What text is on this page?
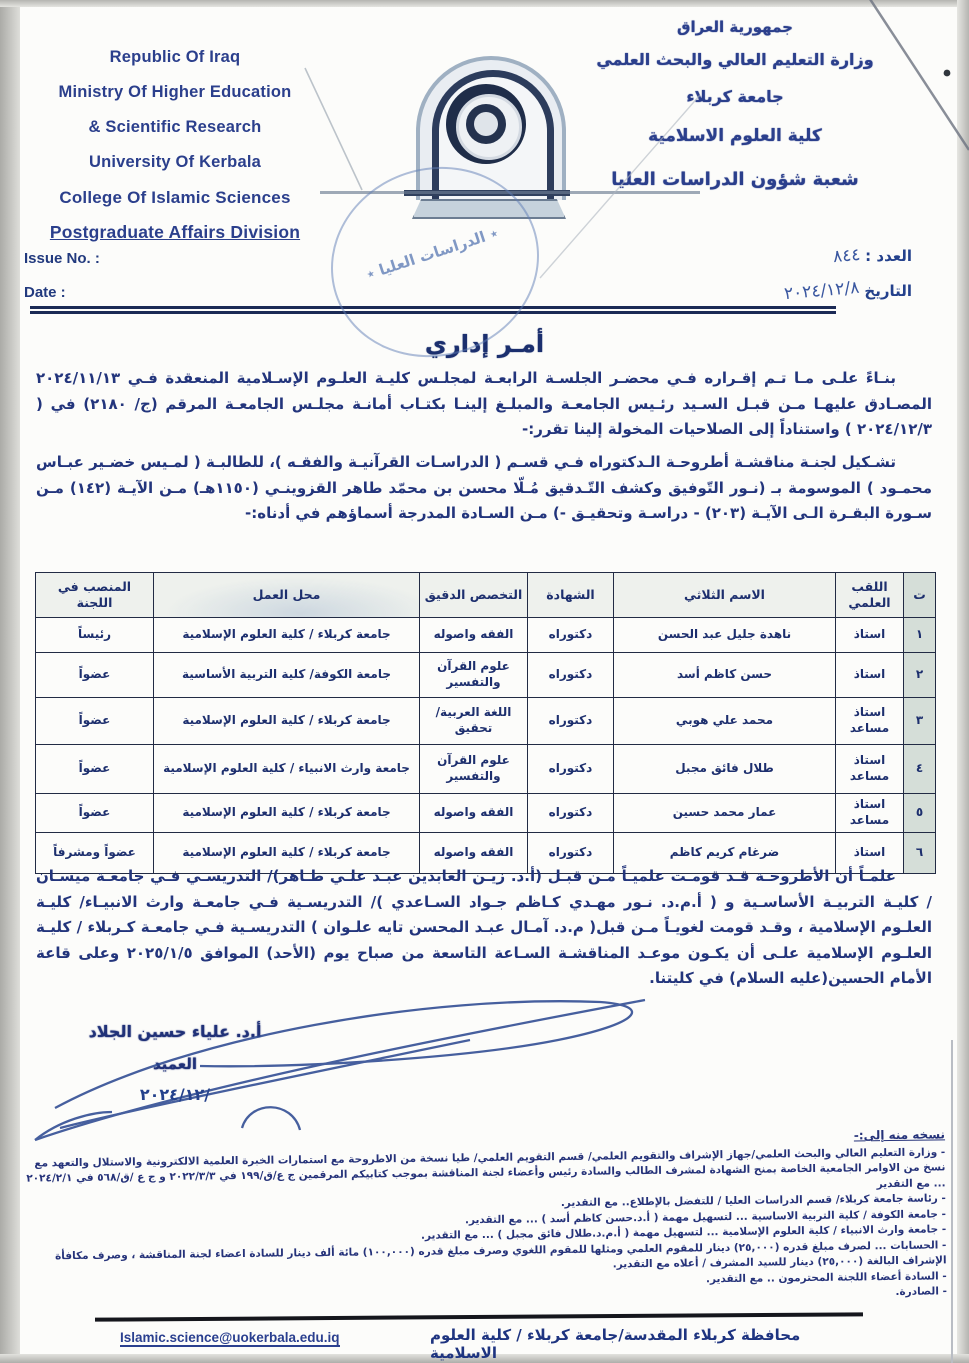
Republic Of Iraq
Ministry Of Higher Education
& Scientific Research
University Of Kerbala
College Of Islamic Sciences
Postgraduate Affairs Division
Issue No. :
Date :
٭ الدراسات العليا ٭
جمهورية العراق
وزارة التعليم العالي والبحث العلمي
جامعة كربلاء
كلية العلوم الاسلامية
شعبة شؤون الدراسات العليا
العدد : ٨٤٤
التاريخ ٢٠٢٤/١٢/٨
أمـر إداري
بنـاءً علـى مـا تـم إقـراره فـي محضـر الجلسـة الرابعـة لمجلـس كليـة العلـوم الإسـلامية المنعقدة فـي ٢٠٢٤/١١/١٣ المصـادق عليهـا مـن قبـل السـيد رئـيس الجامعـة والمبلـغ إلينـا بكتـاب أمانـة مجلـس الجامعـة المرقم (ج/ ٢١٨٠) في ( ٢٠٢٤/١٢/٣ ) واستناداً إلى الصلاحيات المخولة إلينا تقرر:-
تشـكيل لجنـة مناقشـة أطروحـة الـدكتوراه فـي قسـم ( الدراسـات القرآنيـة والفقـه )، للطالبـة ( لمـيس خضـير عبـاس محمـود ) الموسومة بـ (نـور التّوفيق وكشف التّـدقيق مُـلّا محسن بن محمّد طاهر القزوينـي (١١٥٠هـ) مـن الآيـة (١٤٢) مـن سـورة البقـرة الـى الآيـة (٢٠٣) - دراسـة وتحقيـق -) مـن السـادة المدرجة أسماؤهم في أدناه:-
ت	اللقب العلمي	الاسم الثلاثي	الشهادة	التخصص الدقيق	محل العمل	المنصب في اللجنة
١	استاذ	ناهدة جليل عبد الحسن	دكتوراه	الفقه واصوله	جامعة كربلاء / كلية العلوم الإسلامية	رئيساً
٢	استاذ	حسن كاظم أسد	دكتوراه	علوم القرآن والتفسير	جامعة الكوفة/ كلية التربية الأساسية	عضواً
٣	استاذ مساعد	محمد علي هوبي	دكتوراه	اللغة العربية/ تحقيق	جامعة كربلاء / كلية العلوم الإسلامية	عضواً
٤	استاذ مساعد	طلال فائق مجبل	دكتوراه	علوم القرآن والتفسير	جامعة وارث الانبياء / كلية العلوم الإسلامية	عضواً
٥	استاذ مساعد	عمار محمد حسين	دكتوراه	الفقه واصوله	جامعة كربلاء / كلية العلوم الإسلامية	عضواً
٦	استاذ	ضرغام كريم كاظم	دكتوراه	الفقه واصوله	جامعة كربلاء / كلية العلوم الإسلامية	عضواً ومشرفاً
علمـاً أن الأطروحـة قـد قومـت علميـاً مـن قبـل (أ.د. زيـن العابدين عبـد علـي طـاهر)/ التدريسـي فـي جامعـة ميسـان / كليـة التربيـة الأساسـية و ( أ.م.د. نـور مهـدي كـاظم جـواد السـاعدي )/ التدريسـية فـي جامعـة وارث الانبيـاء/ كليـة العلـوم الإسلامية ، وقـد قومت لغويـاً مـن قبل( م.د. آمـال عبـد المحسن تايه علـوان ) التدريسـية فـي جامعـة كـربلاء / كليـة العلـوم الإسلامية علـى أن يكـون موعـد المناقشـة السـاعة التاسعة من صباح يوم (الأحد) الموافق ٢٠٢٥/١/٥ وعلى قاعة الأمام الحسين(عليه السلام) في كليتنا.
أ.د. علياء حسين الجلاد
العميد
٢٠٢٤/١٢/
نسخه منه إلى:-
- وزارة التعليم العالي والبحث العلمي/جهاز الإشراف والتقويم العلمي/ قسم التقويم العلمي/ طيا نسخة من الاطروحة مع استمارات الخبرة العلمية الالكترونية والاستلال والتعهد مع نسخ من الاوامر الجامعية الخاصة بمنح الشهادة لمشرف الطالب والسادة رئيس وأعضاء لجنة المناقشة بموجب كتابيكم المرقمين ج ع/ق/١٩٩ في ٢٠٢٢/٣/٣ و ج ع /ق/٥٦٨ في ٢٠٢٤/٢/١ ... مع التقدير
- رئاسة جامعة كربلاء/ قسم الدراسات العليا / للتفضل بالإطلاع.. مع التقدير.
- جامعة الكوفة / كلية التربية الاساسية ... لتسهيل مهمة ( أ.د.حسن كاظم أسد ) ... مع التقدير.
- جامعة وارث الانبياء / كلية العلوم الإسلامية ... لتسهيل مهمة ( أ.م.د.طلال فائق مجبل ) ... مع التقدير.
- الحسابات ... لصرف مبلغ قدره (٢٥,٠٠٠) دينار للمقوم العلمي ومثلها للمقوم اللغوي وصرف مبلغ قدره (١٠٠,٠٠٠) مائة ألف دينار للسادة اعضاء لجنة المناقشة ، وصرف مكافأة الإشراف البالغة (٢٥,٠٠٠) دينار للسيد المشرف / أعلاه مع التقدير.
- السادة أعضاء اللجنة المحترمون .. مع التقدير.
- الصادرة.
محافظة كربلاء المقدسة/جامعة كربلاء / كلية العلوم الاسلامية
Islamic.science@uokerbala.edu.iq
